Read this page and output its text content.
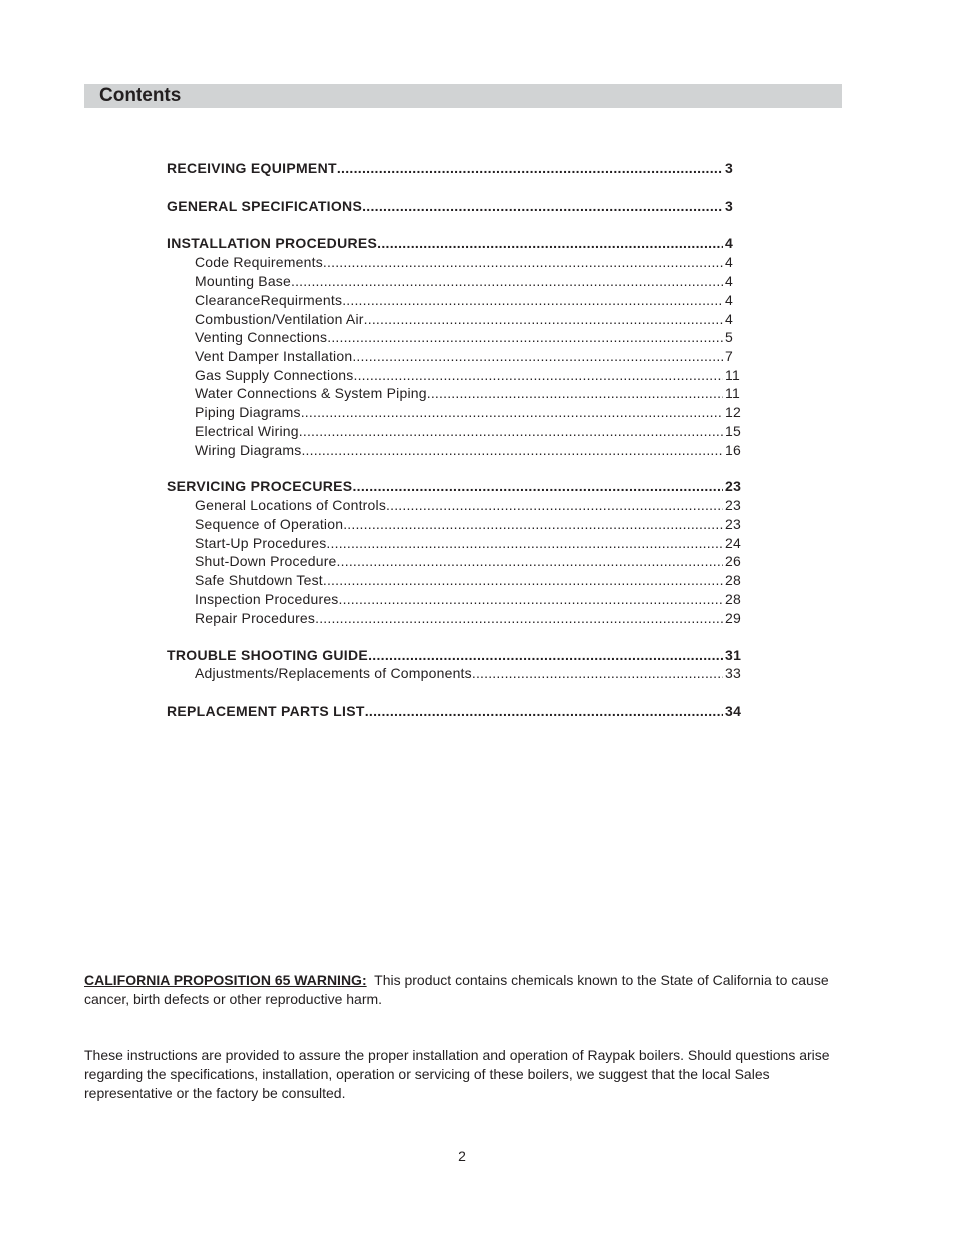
Contents
RECEIVING EQUIPMENT .....	3
GENERAL SPECIFICATIONS .....	3
INSTALLATION PROCEDURES .....	4
Code Requirements .....	4
Mounting Base .....	4
ClearanceRequirments .....	4
Combustion/Ventilation Air .....	4
Venting Connections .....	5
Vent Damper Installation .....	7
Gas Supply Connections .....	11
Water Connections & System Piping .....	11
Piping Diagrams .....	12
Electrical Wiring .....	15
Wiring Diagrams .....	16
SERVICING PROCECURES .....	23
General Locations of Controls .....	23
Sequence of Operation .....	23
Start-Up Procedures .....	24
Shut-Down Procedure .....	26
Safe Shutdown Test .....	28
Inspection Procedures .....	28
Repair Procedures .....	29
TROUBLE SHOOTING GUIDE .....	31
Adjustments/Replacements of Components .....	33
REPLACEMENT PARTS LIST .....	34
CALIFORNIA PROPOSITION 65 WARNING: This product contains chemicals known to the State of California to cause cancer, birth defects or other reproductive harm.
These instructions are provided to assure the proper installation and operation of Raypak boilers. Should questions arise regarding the specifications, installation, operation or servicing of these boilers, we suggest that the local Sales representative or the factory be consulted.
2
